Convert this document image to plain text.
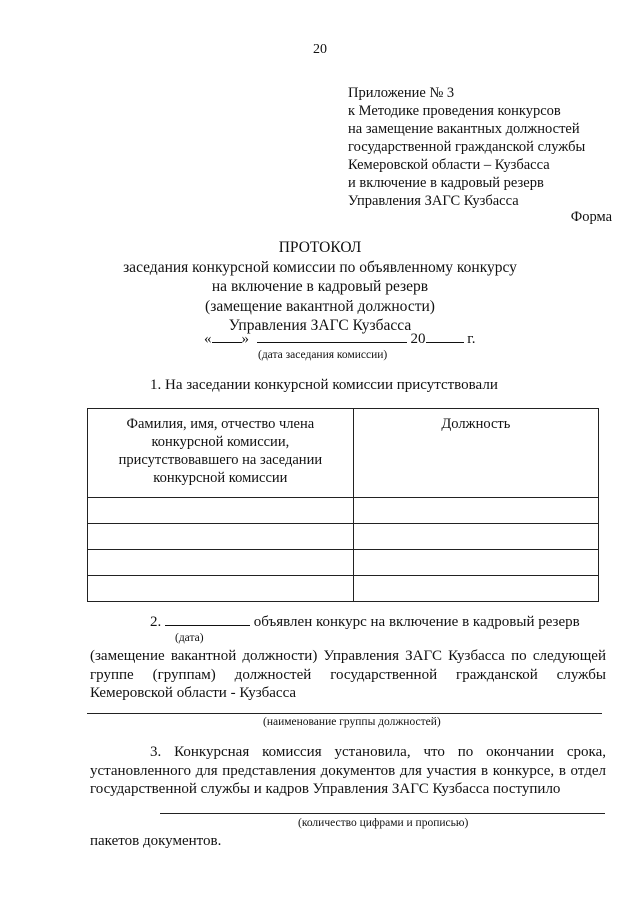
20
Приложение № 3
к Методике проведения конкурсов
на замещение вакантных должностей
государственной гражданской службы
Кемеровской области – Кузбасса
и включение в кадровый резерв
Управления ЗАГС Кузбасса
Форма
ПРОТОКОЛ
заседания конкурсной комиссии по объявленному конкурсу
на включение в кадровый резерв
(замещение вакантной должности)
Управления ЗАГС Кузбасса
« »	20	г.
(дата заседания комиссии)
1. На заседании конкурсной комиссии присутствовали
Фамилия, имя, отчество члена конкурсной комиссии, присутствовавшего на заседании конкурсной комиссии	Должность

2.	объявлен конкурс на включение в кадровый резерв
(дата)
(замещение вакантной должности) Управления ЗАГС Кузбасса по следующей группе (группам) должностей государственной гражданской службы Кемеровской области - Кузбасса
(наименование группы должностей)
3. Конкурсная комиссия установила, что по окончании срока, установленного для представления документов для участия в конкурсе, в отдел государственной службы и кадров Управления ЗАГС Кузбасса поступило
(количество цифрами и прописью)
пакетов документов.
